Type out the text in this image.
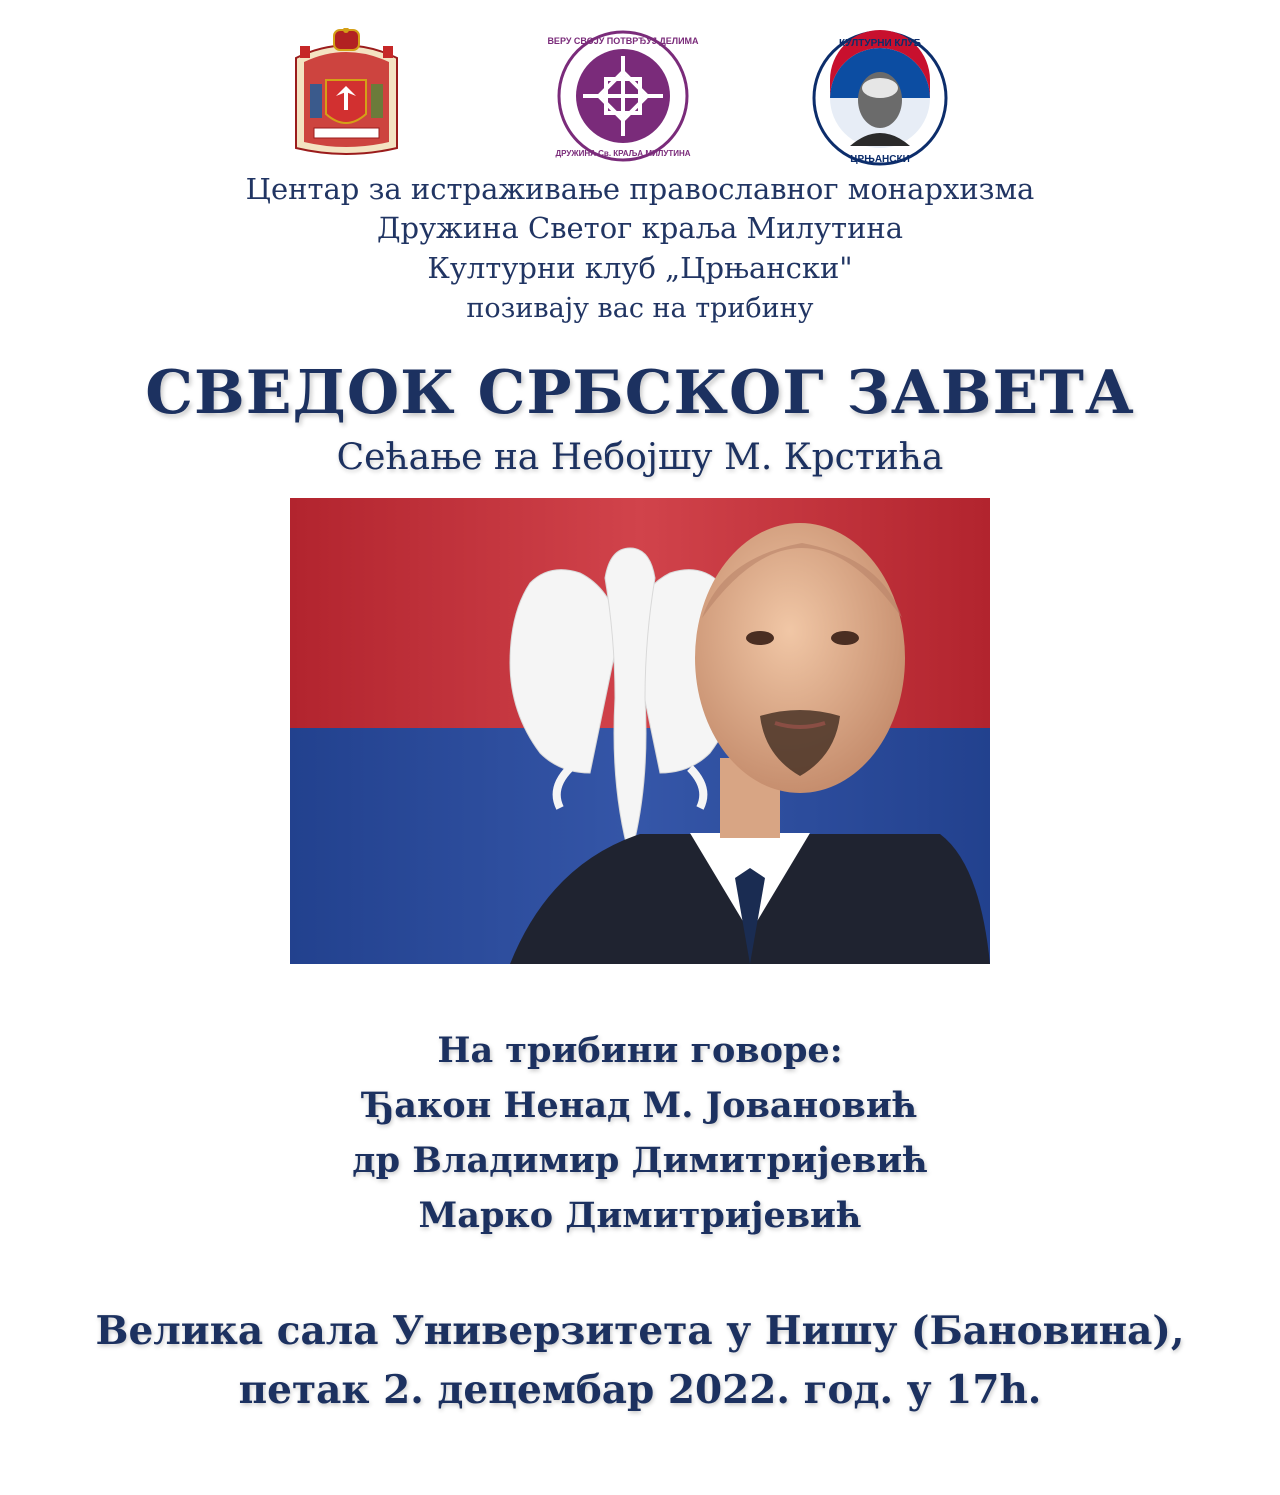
ВЕРУ СВОЈУ ПОТВРЂУЈ ДЕЛИМА
ДРУЖИНА Св. КРАЉА МИЛУТИНА
КУЛТУРНИ КЛУБ
ЦРЊАНСКИ
Центар за истраживање православног монархизма
Дружина Светог краља Милутина
Културни клуб „Црњански"
позивају вас на трибину
СВЕДОК СРБСКОГ ЗАВЕТА
Сећање на Небојшу М. Крстића
На трибини говоре:
Ђакон Ненад М. Јовановић
др Владимир Димитријевић
Марко Димитријевић
Велика сала Универзитета у Нишу (Бановина),
петак 2. децембар 2022. год. у 17h.
